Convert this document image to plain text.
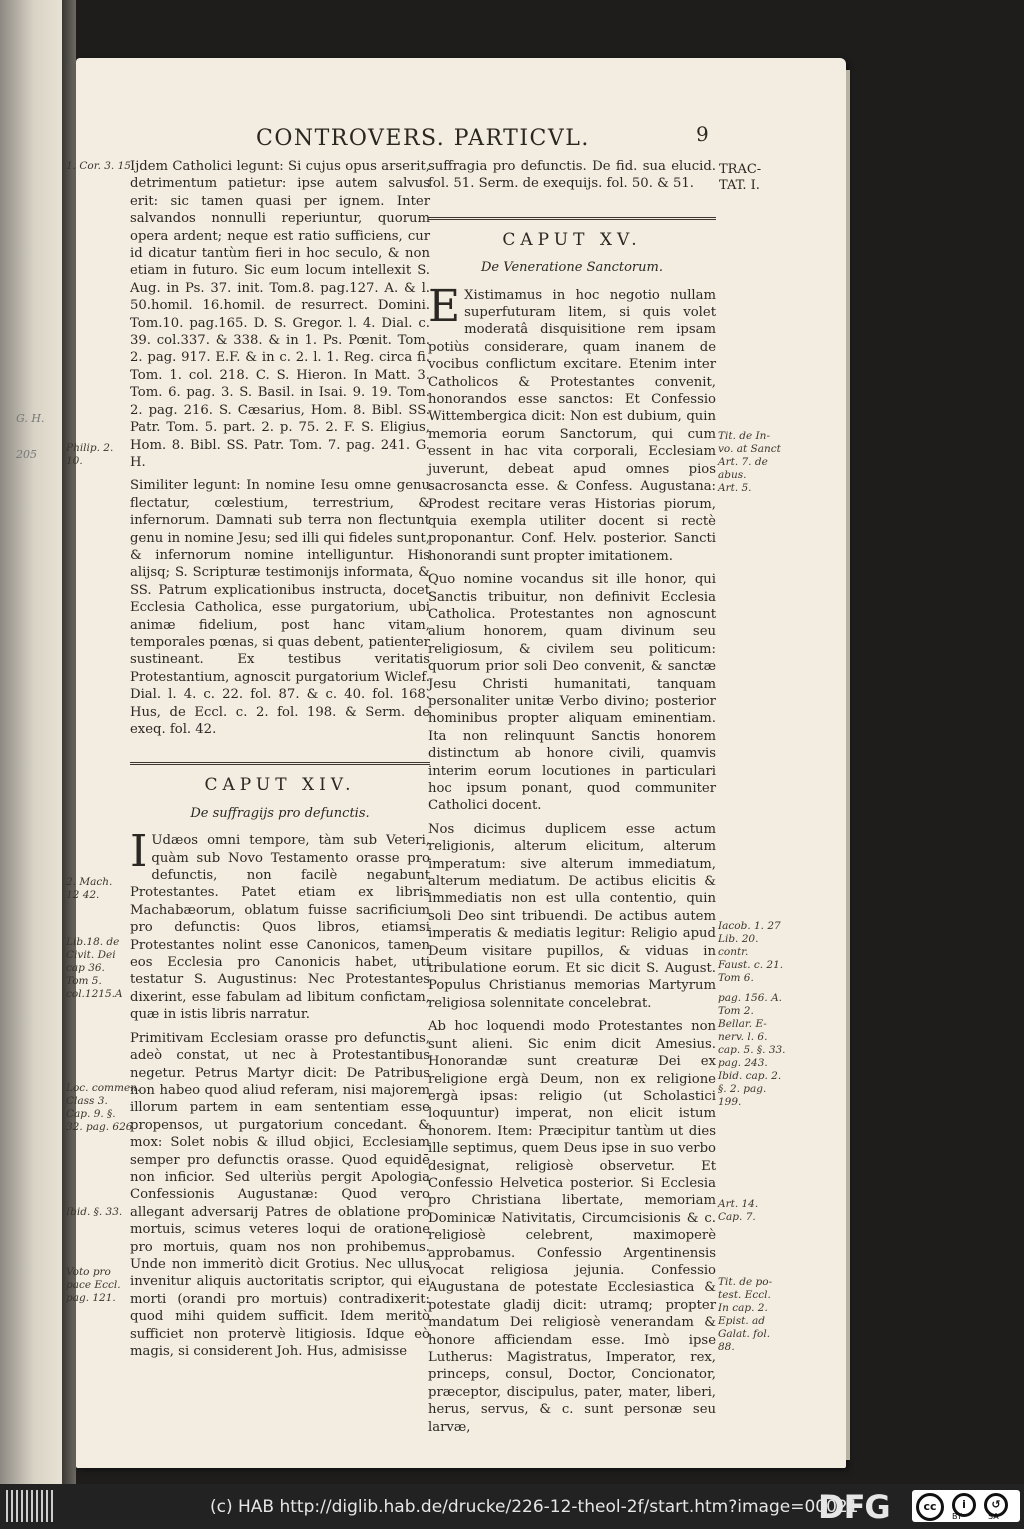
G. H.
205
CONTROVERS. PARTICVL.	9
TRAC-
TAT. I.

Ijdem Catholici legunt: Si cujus opus arserit, detrimentum patietur: ipse autem salvus erit: sic tamen quasi per ignem. Inter salvandos nonnulli reperiuntur, quorum opera ardent; neque est ratio sufficiens, cur id dicatur tantùm fieri in hoc seculo, & non etiam in futuro. Sic eum locum intellexit S. Aug. in Ps. 37. init. Tom.8. pag.127. A. & l. 50.homil. 16.homil. de resurrect. Domini. Tom.10. pag.165. D. S. Gregor. l. 4. Dial. c. 39. col.337. & 338. & in 1. Ps. Pœnit. Tom. 2. pag. 917. E.F. & in c. 2. l. 1. Reg. circa fi. Tom. 1. col. 218. C. S. Hieron. In Matt. 3. Tom. 6. pag. 3. S. Basil. in Isai. 9. 19. Tom. 2. pag. 216. S. Cæsarius, Hom. 8. Bibl. SS. Patr. Tom. 5. part. 2. p. 75. 2. F. S. Eligius, Hom. 8. Bibl. SS. Patr. Tom. 7. pag. 241. G. H.

Similiter legunt: In nomine Iesu omne genu flectatur, cœlestium, terrestrium, & infernorum. Damnati sub terra non flectunt genu in nomine Jesu; sed illi qui fideles sunt, & infernorum nomine intelliguntur. His alijsq; S. Scripturæ testimonijs informata, & SS. Patrum explicationibus instructa, docet Ecclesia Catholica, esse purgatorium, ubi animæ fidelium, post hanc vitam, temporales pœnas, si quas debent, patienter sustineant. Ex testibus veritatis Protestantium, agnoscit purgatorium Wiclef. Dial. l. 4. c. 22. fol. 87. & c. 40. fol. 168. Hus, de Eccl. c. 2. fol. 198. & Serm. de exeq. fol. 42.

CAPUT XIV.
De suffragijs pro defunctis.

I Udæos omni tempore, tàm sub Veteri, quàm sub Novo Testamento orasse pro defunctis, non facilè negabunt Protestantes. Patet etiam ex libris Machabæorum, oblatum fuisse sacrificium pro defunctis: Quos libros, etiamsi Protestantes nolint esse Canonicos, tamen eos Ecclesia pro Canonicis habet, uti testatur S. Augustinus: Nec Protestantes dixerint, esse fabulam ad libitum confictam, quæ in istis libris narratur.

Primitivam Ecclesiam orasse pro defunctis, adeò constat, ut nec à Protestantibus negetur. Petrus Martyr dicit: De Patribus non habeo quod aliud referam, nisi majorem illorum partem in eam sententiam esse propensos, ut purgatorium concedant. & mox: Solet nobis & illud objici, Ecclesiam semper pro defunctis orasse. Quod equidē non inficior. Sed ulteriùs pergit Apologia Confessionis Augustanæ: Quod vero allegant adversarij Patres de oblatione pro mortuis, scimus veteres loqui de oratione pro mortuis, quam nos non prohibemus. Unde non immeritò dicit Grotius. Nec ullus invenitur aliquis auctoritatis scriptor, qui ei morti (orandi pro mortuis) contradixerit: quod mihi quidem sufficit. Idem meritò sufficiet non protervè litigiosis. Idque eò magis, si considerent Joh. Hus, admisisse

suffragia pro defunctis. De fid. sua elucid. fol. 51. Serm. de exequijs. fol. 50. & 51.

CAPUT XV.
De Veneratione Sanctorum.

E Xistimamus in hoc negotio nullam superfuturam litem, si quis volet moderatâ disquisitione rem ipsam potiùs considerare, quam inanem de vocibus conflictum excitare. Etenim inter Catholicos & Protestantes convenit, honorandos esse sanctos: Et Confessio Wittembergica dicit: Non est dubium, quin memoria eorum Sanctorum, qui cum essent in hac vita corporali, Ecclesiam juverunt, debeat apud omnes pios sacrosancta esse. & Confess. Augustana: Prodest recitare veras Historias piorum, quia exempla utiliter docent si rectè proponantur. Conf. Helv. posterior. Sancti honorandi sunt propter imitationem.

Quo nomine vocandus sit ille honor, qui Sanctis tribuitur, non definivit Ecclesia Catholica. Protestantes non agnoscunt alium honorem, quam divinum seu religiosum, & civilem seu politicum: quorum prior soli Deo convenit, & sanctæ Jesu Christi humanitati, tanquam personaliter unitæ Verbo divino; posterior hominibus propter aliquam eminentiam. Ita non relinquunt Sanctis honorem distinctum ab honore civili, quamvis interim eorum locutiones in particulari hoc ipsum ponant, quod communiter Catholici docent.

Nos dicimus duplicem esse actum religionis, alterum elicitum, alterum imperatum: sive alterum immediatum, alterum mediatum. De actibus elicitis & immediatis non est ulla contentio, quin soli Deo sint tribuendi. De actibus autem imperatis & mediatis legitur: Religio apud Deum visitare pupillos, & viduas in tribulatione eorum. Et sic dicit S. August. Populus Christianus memorias Martyrum religiosa solennitate concelebrat.

Ab hoc loquendi modo Protestantes non sunt alieni. Sic enim dicit Amesius. Honorandæ sunt creaturæ Dei ex religione ergà Deum, non ex religione ergà ipsas: religio (ut Scholastici loquuntur) imperat, non elicit istum honorem. Item: Præcipitur tantùm ut dies ille septimus, quem Deus ipse in suo verbo designat, religiosè observetur. Et Confessio Helvetica posterior. Si Ecclesia pro Christiana libertate, memoriam Dominicæ Nativitatis, Circumcisionis & c. religiosè celebrent, maximoperè approbamus. Confessio Argentinensis vocat religiosa jejunia. Confessio Augustana de potestate Ecclesiastica & potestate gladij dicit: utramq; propter mandatum Dei religiosè venerandam & honore afficiendam esse. Imò ipse Lutherus: Magistratus, Imperator, rex, princeps, consul, Doctor, Concionator, præceptor, discipulus, pater, mater, liberi, herus, servus, & c. sunt personæ seu larvæ,

1. Cor. 3. 15.
Philip. 2.
10.
2. Mach.
12 42.
Lib.18. de
Civit. Dei
cap 36.
Tom 5.
col.1215.A
Loc. commen.
Class 3.
Cap. 9. §.
32. pag. 626
Ibid. §. 33.
Voto pro
pace Eccl.
pag. 121.
Tit. de In-
vo. at Sanct
Art. 7. de
abus.
Art. 5.
Iacob. 1. 27
Lib. 20.
contr.
Faust. c. 21.
Tom 6.
pag. 156. A.
Tom 2.
Bellar. E-
nerv. l. 6.
cap. 5. §. 33.
pag. 243.
Ibid. cap. 2.
§. 2. pag.
199.
Art. 14.
Cap. 7.
Tit. de po-
test. Eccl.
In cap. 2.
Epist. ad
Galat. fol.
88.
(c) HAB http://diglib.hab.de/drucke/226-12-theol-2f/start.htm?image=00021
DFG	cc	i	↺
BY	SA
